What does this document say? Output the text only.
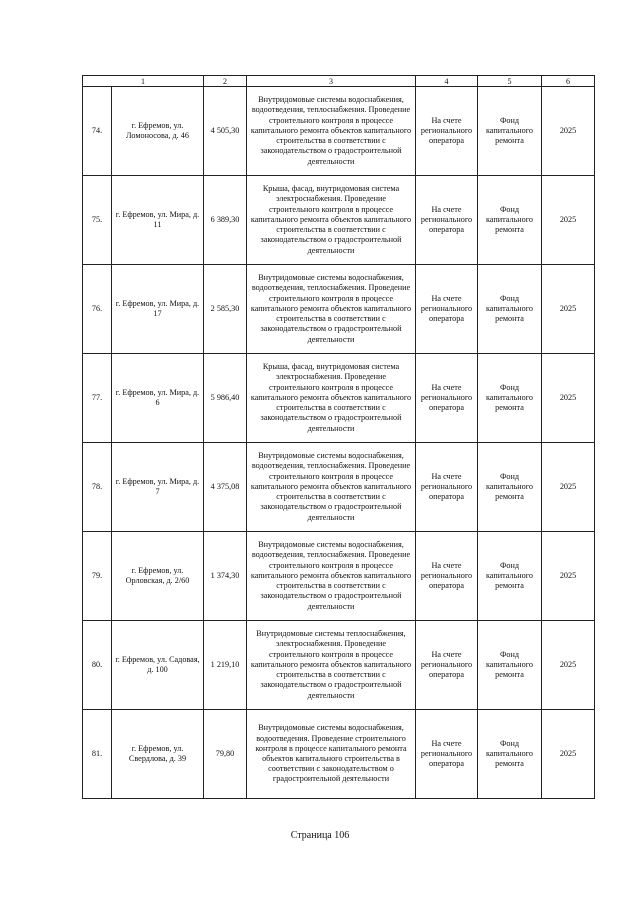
1		2	3	4	5	6
74.	г. Ефремов, ул. Ломоносова, д. 46	4 505,30	Внутридомовые системы водоснабжения, водоотведения, теплоснабжения. Проведение строительного контроля в процессе капитального ремонта объектов капитального строительства в соответствии с законодательством о градостроительной деятельности	На счете регионального оператора	Фонд капитального ремонта	2025
75.	г. Ефремов, ул. Мира, д. 11	6 389,30	Крыша, фасад, внутридомовая система электроснабжения. Проведение строительного контроля в процессе капитального ремонта объектов капитального строительства в соответствии с законодательством о градостроительной деятельности	На счете регионального оператора	Фонд капитального ремонта	2025
76.	г. Ефремов, ул. Мира, д. 17	2 585,30	Внутридомовые системы водоснабжения, водоотведения, теплоснабжения. Проведение строительного контроля в процессе капитального ремонта объектов капитального строительства в соответствии с законодательством о градостроительной деятельности	На счете регионального оператора	Фонд капитального ремонта	2025
77.	г. Ефремов, ул. Мира, д. 6	5 986,40	Крыша, фасад, внутридомовая система электроснабжения. Проведение строительного контроля в процессе капитального ремонта объектов капитального строительства в соответствии с законодательством о градостроительной деятельности	На счете регионального оператора	Фонд капитального ремонта	2025
78.	г. Ефремов, ул. Мира, д. 7	4 375,08	Внутридомовые системы водоснабжения, водоотведения, теплоснабжения. Проведение строительного контроля в процессе капитального ремонта объектов капитального строительства в соответствии с законодательством о градостроительной деятельности	На счете регионального оператора	Фонд капитального ремонта	2025
79.	г. Ефремов, ул. Орловская, д. 2/60	1 374,30	Внутридомовые системы водоснабжения, водоотведения, теплоснабжения. Проведение строительного контроля в процессе капитального ремонта объектов капитального строительства в соответствии с законодательством о градостроительной деятельности	На счете регионального оператора	Фонд капитального ремонта	2025
80.	г. Ефремов, ул. Садовая, д. 100	1 219,10	Внутридомовые системы теплоснабжения, электроснабжения. Проведение строительного контроля в процессе капитального ремонта объектов капитального строительства в соответствии с законодательством о градостроительной деятельности	На счете регионального оператора	Фонд капитального ремонта	2025
81.	г. Ефремов, ул. Свердлова, д. 39	79,80	Внутридомовые системы водоснабжения, водоотведения. Проведение строительного контроля в процессе капитального ремонта объектов капитального строительства в соответствии с законодательством о градостроительной деятельности	На счете регионального оператора	Фонд капитального ремонта	2025
Страница 106
